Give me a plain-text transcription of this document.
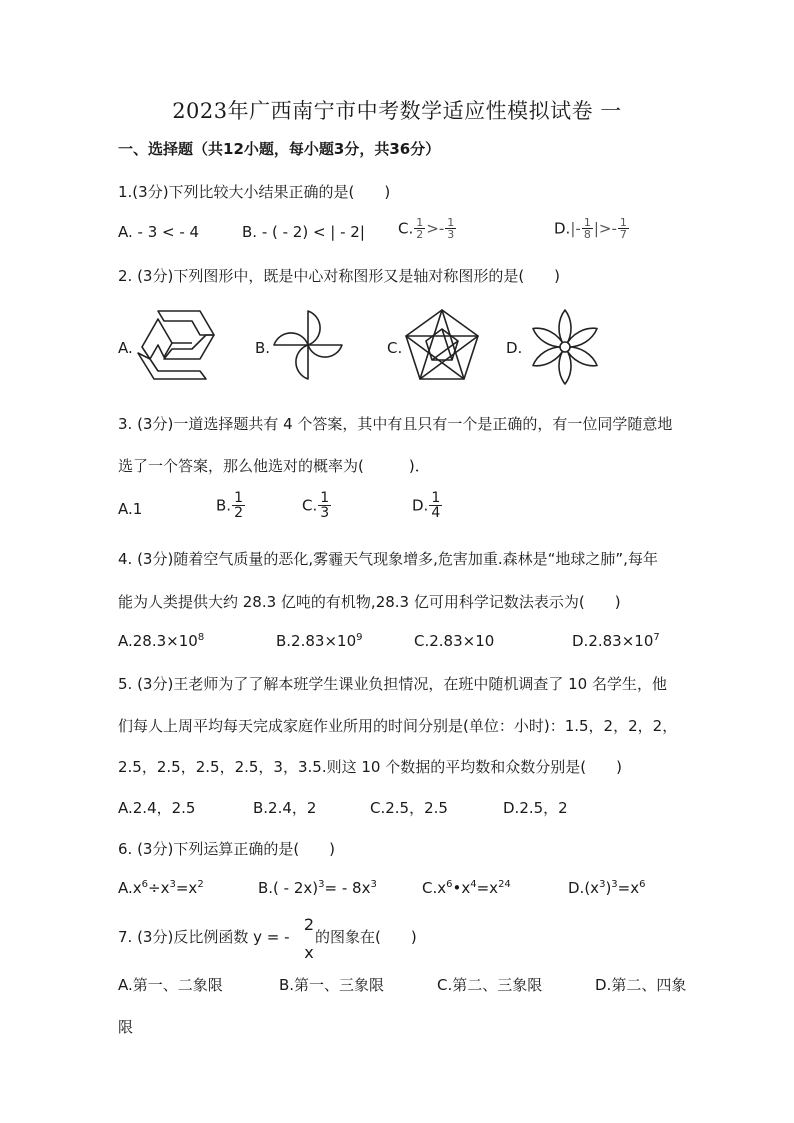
2023年广西南宁市中考数学适应性模拟试卷 一
一、选择题（共12小题，每小题3分，共36分）
1.(3分)下列比较大小结果正确的是(　　)
A. - 3 < - 4	B. - ( - 2) < | - 2| C. $\frac{1}{2} >- \frac{1}{3}$	$D.|- \frac{1}{8}$ |>- $\frac{1}{7}$
2. (3分)下列图形中，既是中心对称图形又是轴对称图形的是(　　)
A.	B.	C.	D.
3. (3分)一道选择题共有 4 个答案，其中有且只有一个是正确的，有一位同学随意地
选了一个答案，那么他选对的概率为(　　　)．
A.1	B. $\frac{1}{2}$	C. $\frac{1}{3}$	D. $\frac{1}{4}$
4. (3分)随着空气质量的恶化,雾霾天气现象增多,危害加重.森林是“地球之肺”,每年
能为人类提供大约 28.3 亿吨的有机物,28.3 亿可用科学记数法表示为(　　)
$A.28.3\times 10^8$	$B.2.83\times 10^9$	C.2.83×10	$D.2.83\times 10^7$
5. (3分)王老师为了了解本班学生课业负担情况，在班中随机调查了 10 名学生，他
们每人上周平均每天完成家庭作业所用的时间分别是(单位：小时)：1.5，2，2，2，
2.5，2.5，2.5，2.5，3，3.5.则这 10 个数据的平均数和众数分别是(　　)
A.2.4，2.5	B.2.4，2	C.2.5，2.5	D.2.5，2
6. (3分)下列运算正确的是(　　)
$A.x^6\div x^3=x^2$	$B.( - 2x)^3= - 8x^3$	$C.x^6•x^4=x^{24}$	$D.(x^3)^3=x^6$
7. (3分)反比例函数 y = -
2
x
的图象在(　　)
A.第一、二象限	B.第一、三象限	C.第二、三象限	D.第二、四象
限
